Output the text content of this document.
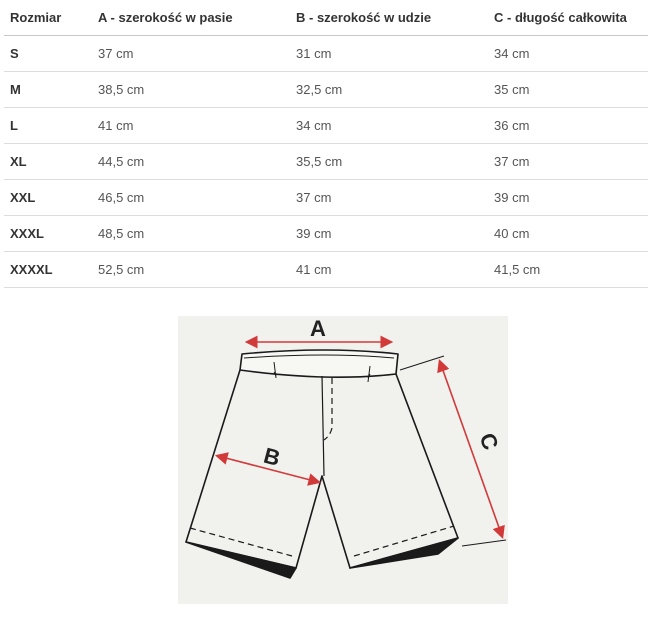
Rozmiar	A - szerokość w pasie	B - szerokość w udzie	C - długość całkowita
S	37 cm	31 cm	34 cm
M	38,5 cm	32,5 cm	35 cm
L	41 cm	34 cm	36 cm
XL	44,5 cm	35,5 cm	37 cm
XXL	46,5 cm	37 cm	39 cm
XXXL	48,5 cm	39 cm	40 cm
XXXXL	52,5 cm	41 cm	41,5 cm
A
B
C
